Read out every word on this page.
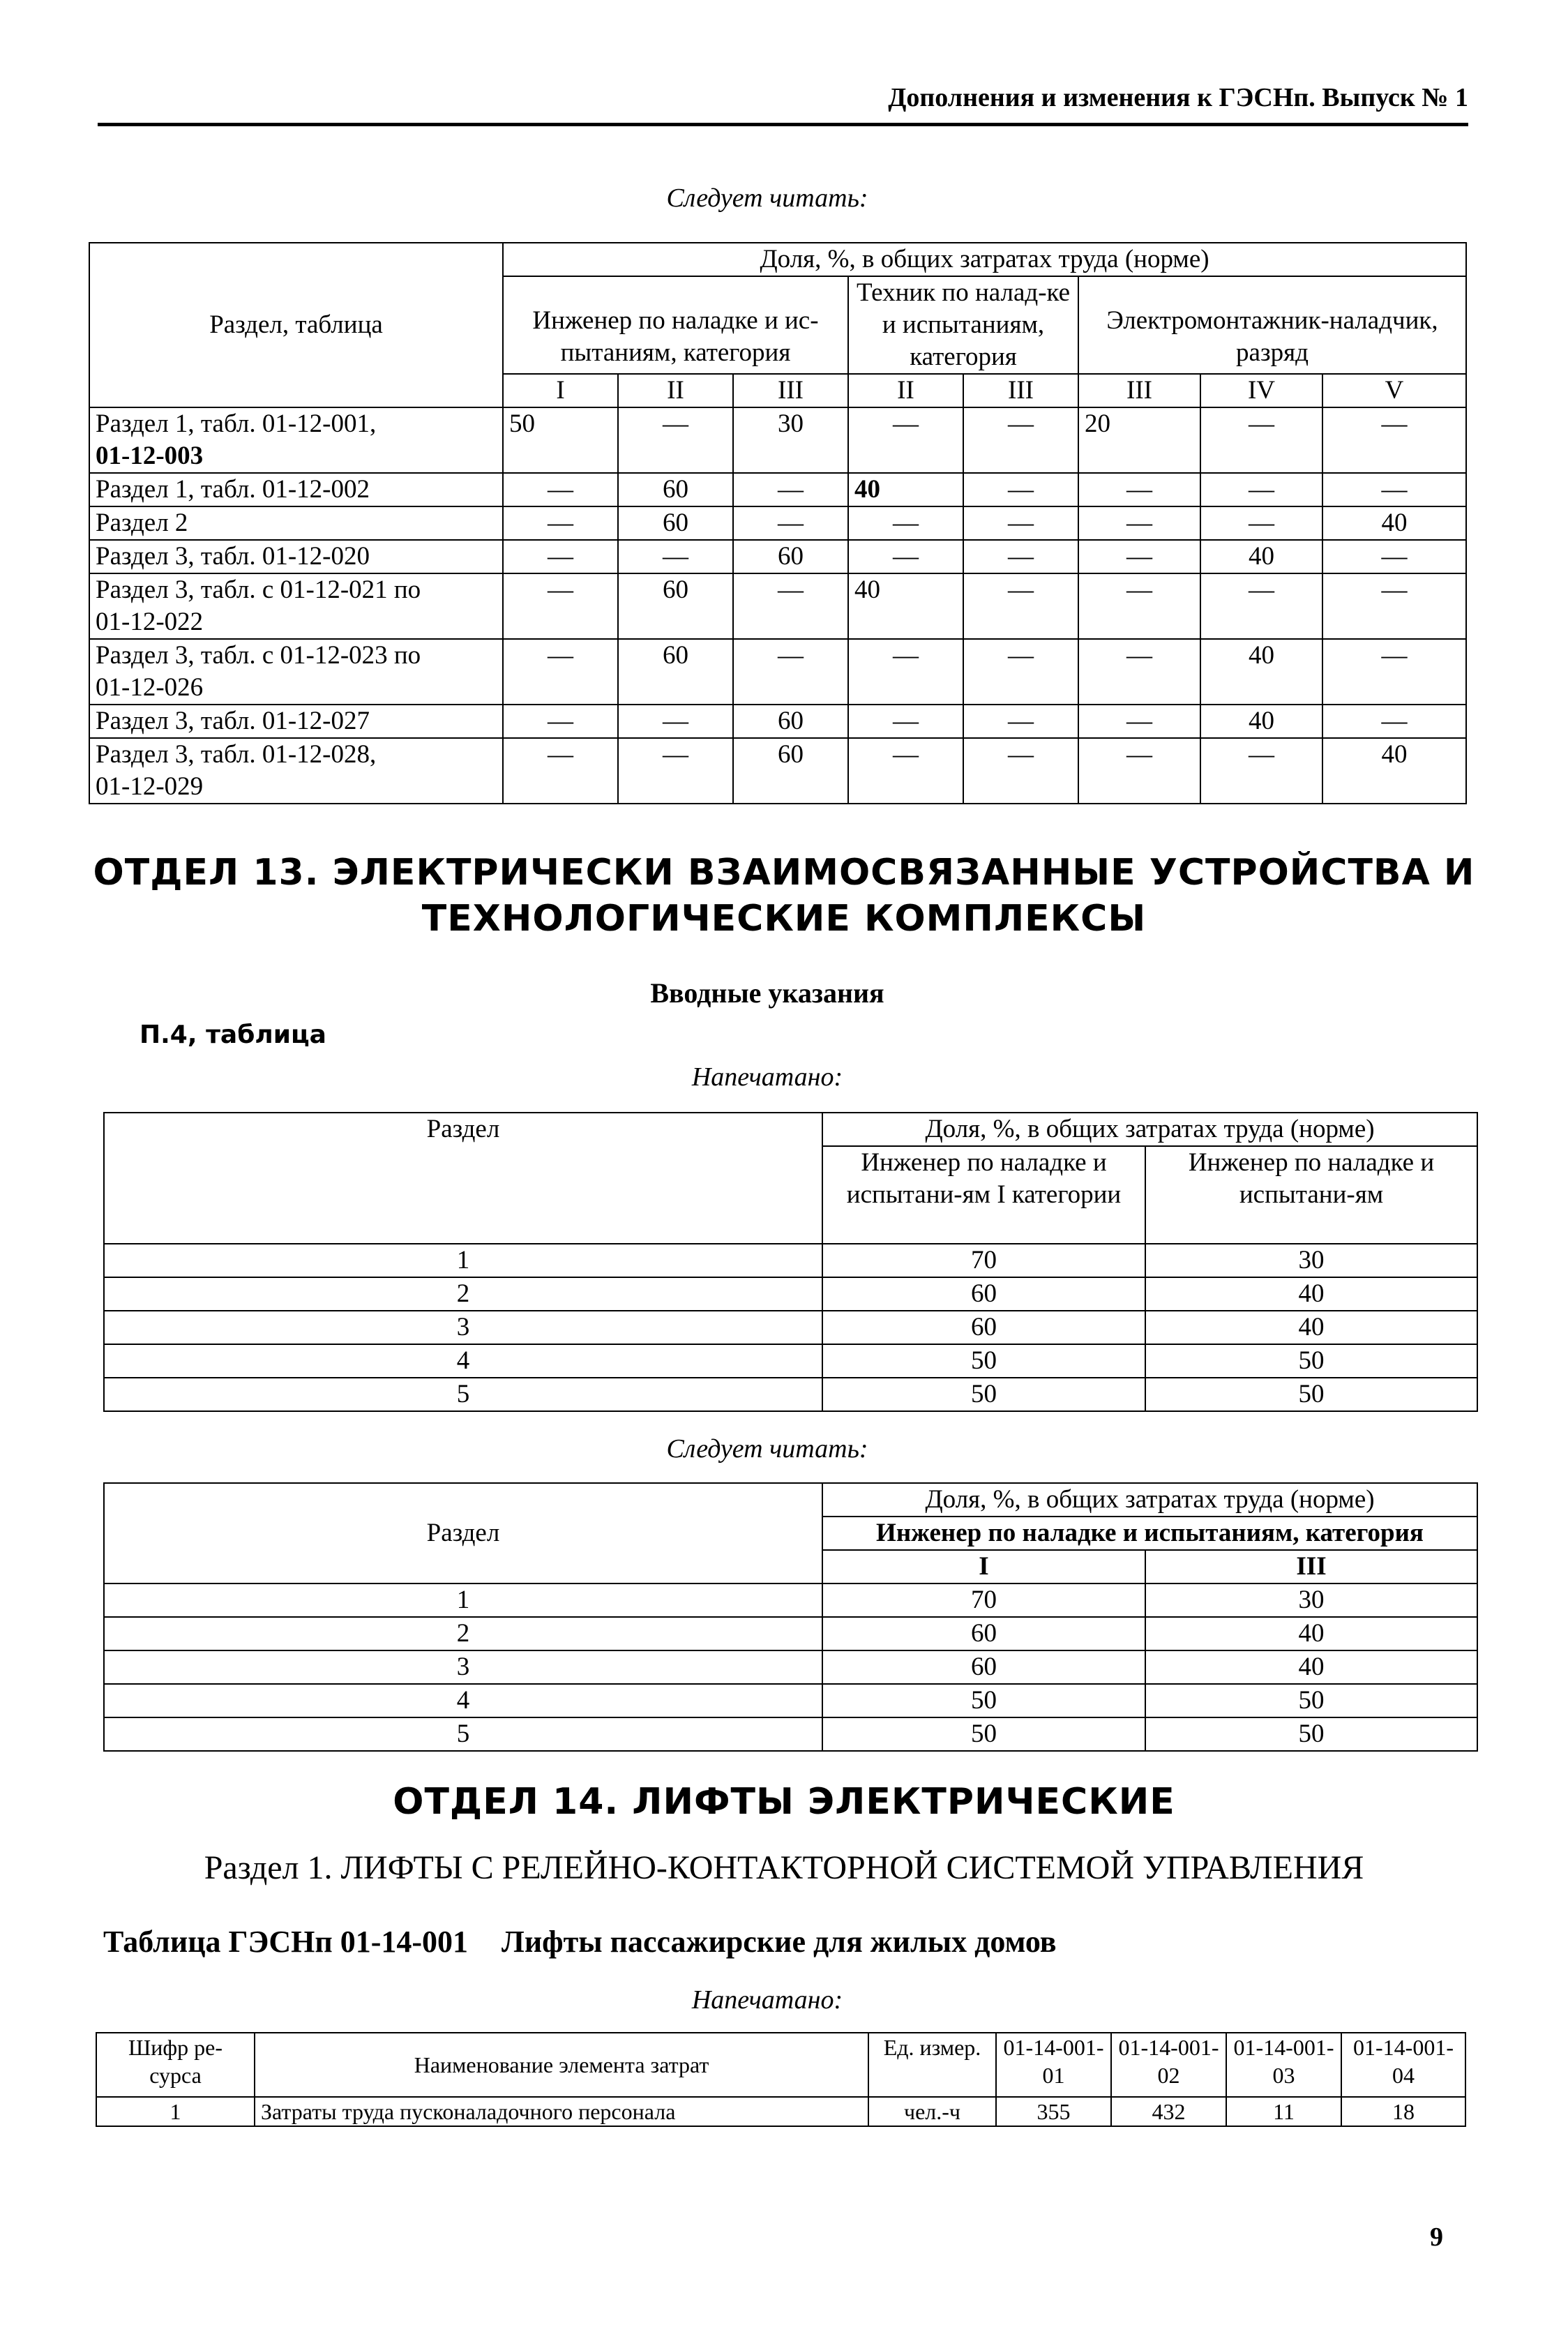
Дополнения и изменения к ГЭСНп. Выпуск № 1
Следует читать:
Раздел, таблица	Доля, %, в общих затратах труда (норме)							
	Инженер по наладке и ис-пытаниям, категория			Техник по налад-ке и испытаниям, категория		Электромонтажник-наладчик, разряд		
	I	II	III	II	III	III	IV	V
Раздел 1, табл. 01-12-001,
01-12-003	50	—	30	—	—	20	—	—
Раздел 1, табл. 01-12-002	—	60	—	40	—	—	—	—
Раздел 2	—	60	—	—	—	—	—	40
Раздел 3, табл. 01-12-020	—	—	60	—	—	—	40	—
Раздел 3, табл. с 01-12-021 по
01-12-022	—	60	—	40	—	—	—	—
Раздел 3, табл. с 01-12-023 по
01-12-026	—	60	—	—	—	—	40	—
Раздел 3, табл. 01-12-027	—	—	60	—	—	—	40	—
Раздел 3, табл. 01-12-028,
01-12-029	—	—	60	—	—	—	—	40
ОТДЕЛ 13. ЭЛЕКТРИЧЕСКИ ВЗАИМОСВЯЗАННЫЕ УСТРОЙСТВА И
ТЕХНОЛОГИЧЕСКИЕ КОМПЛЕКСЫ
Вводные указания
П.4, таблица
Напечатано:
Раздел	Доля, %, в общих затратах труда (норме)	
	Инженер по наладке и испытани-ям I категории	Инженер по наладке и испытани-ям
1	70	30
2	60	40
3	60	40
4	50	50
5	50	50
Следует читать:
Раздел	Доля, %, в общих затратах труда (норме)	
	Инженер по наладке и испытаниям, категория	
	I	III
1	70	30
2	60	40
3	60	40
4	50	50
5	50	50
ОТДЕЛ 14. ЛИФТЫ ЭЛЕКТРИЧЕСКИЕ
Раздел 1. ЛИФТЫ С РЕЛЕЙНО-КОНТАКТОРНОЙ СИСТЕМОЙ УПРАВЛЕНИЯ
Таблица ГЭСНп 01-14-001 Лифты пассажирские для жилых домов
Напечатано:
Шифр ре-сурса	Наименование элемента затрат	Ед. измер.	01-14-001-01	01-14-001-02	01-14-001-03	01-14-001-04
1	Затраты труда пусконаладочного персонала	чел.-ч	355	432	11	18
9
